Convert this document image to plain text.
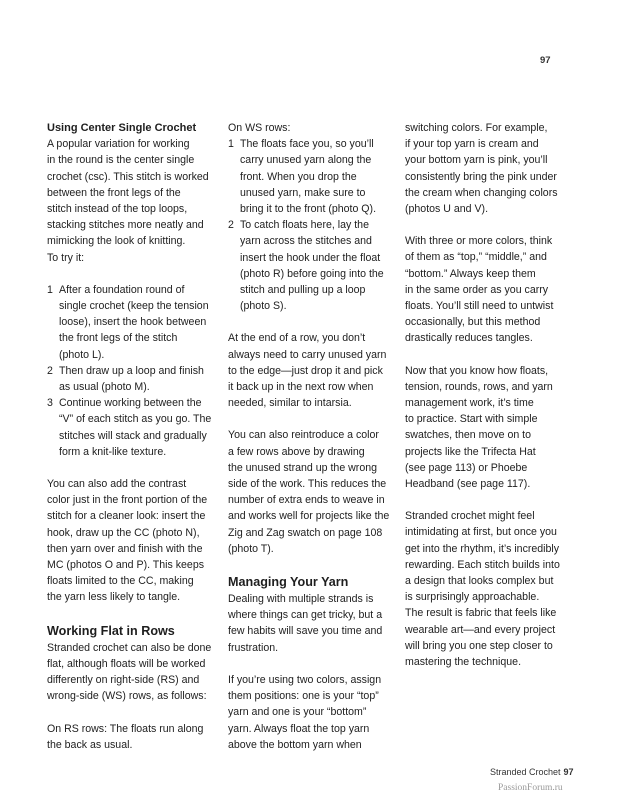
97
Using Center Single Crochet
A popular variation for working
in the round is the center single
crochet (csc). This stitch is worked
between the front legs of the
stitch instead of the top loops,
stacking stitches more neatly and
mimicking the look of knitting.
To try it:
1 After a foundation round of
single crochet (keep the tension
loose), insert the hook between
the front legs of the stitch
(photo L).
2 Then draw up a loop and finish
as usual (photo M).
3 Continue working between the
“V” of each stitch as you go. The
stitches will stack and gradually
form a knit-like texture.
You can also add the contrast
color just in the front portion of the
stitch for a cleaner look: insert the
hook, draw up the CC (photo N),
then yarn over and finish with the
MC (photos O and P). This keeps
floats limited to the CC, making
the yarn less likely to tangle.
Working Flat in Rows
Stranded crochet can also be done
flat, although floats will be worked
differently on right-side (RS) and
wrong-side (WS) rows, as follows:
On RS rows: The floats run along
the back as usual.
On WS rows:
1 The floats face you, so you’ll
carry unused yarn along the
front. When you drop the
unused yarn, make sure to
bring it to the front (photo Q).
2 To catch floats here, lay the
yarn across the stitches and
insert the hook under the float
(photo R) before going into the
stitch and pulling up a loop
(photo S).
At the end of a row, you don’t
always need to carry unused yarn
to the edge—just drop it and pick
it back up in the next row when
needed, similar to intarsia.
You can also reintroduce a color
a few rows above by drawing
the unused strand up the wrong
side of the work. This reduces the
number of extra ends to weave in
and works well for projects like the
Zig and Zag swatch on page 108
(photo T).
Managing Your Yarn
Dealing with multiple strands is
where things can get tricky, but a
few habits will save you time and
frustration.
If you’re using two colors, assign
them positions: one is your “top”
yarn and one is your “bottom”
yarn. Always float the top yarn
above the bottom yarn when
switching colors. For example,
if your top yarn is cream and
your bottom yarn is pink, you’ll
consistently bring the pink under
the cream when changing colors
(photos U and V).
With three or more colors, think
of them as “top,” “middle,” and
“bottom.” Always keep them
in the same order as you carry
floats. You’ll still need to untwist
occasionally, but this method
drastically reduces tangles.
Now that you know how floats,
tension, rounds, rows, and yarn
management work, it’s time
to practice. Start with simple
swatches, then move on to
projects like the Trifecta Hat
(see page 113) or Phoebe
Headband (see page 117).
Stranded crochet might feel
intimidating at first, but once you
get into the rhythm, it’s incredibly
rewarding. Each stitch builds into
a design that looks complex but
is surprisingly approachable.
The result is fabric that feels like
wearable art—and every project
will bring you one step closer to
mastering the technique.
Stranded Crochet 97
PassionForum.ru
